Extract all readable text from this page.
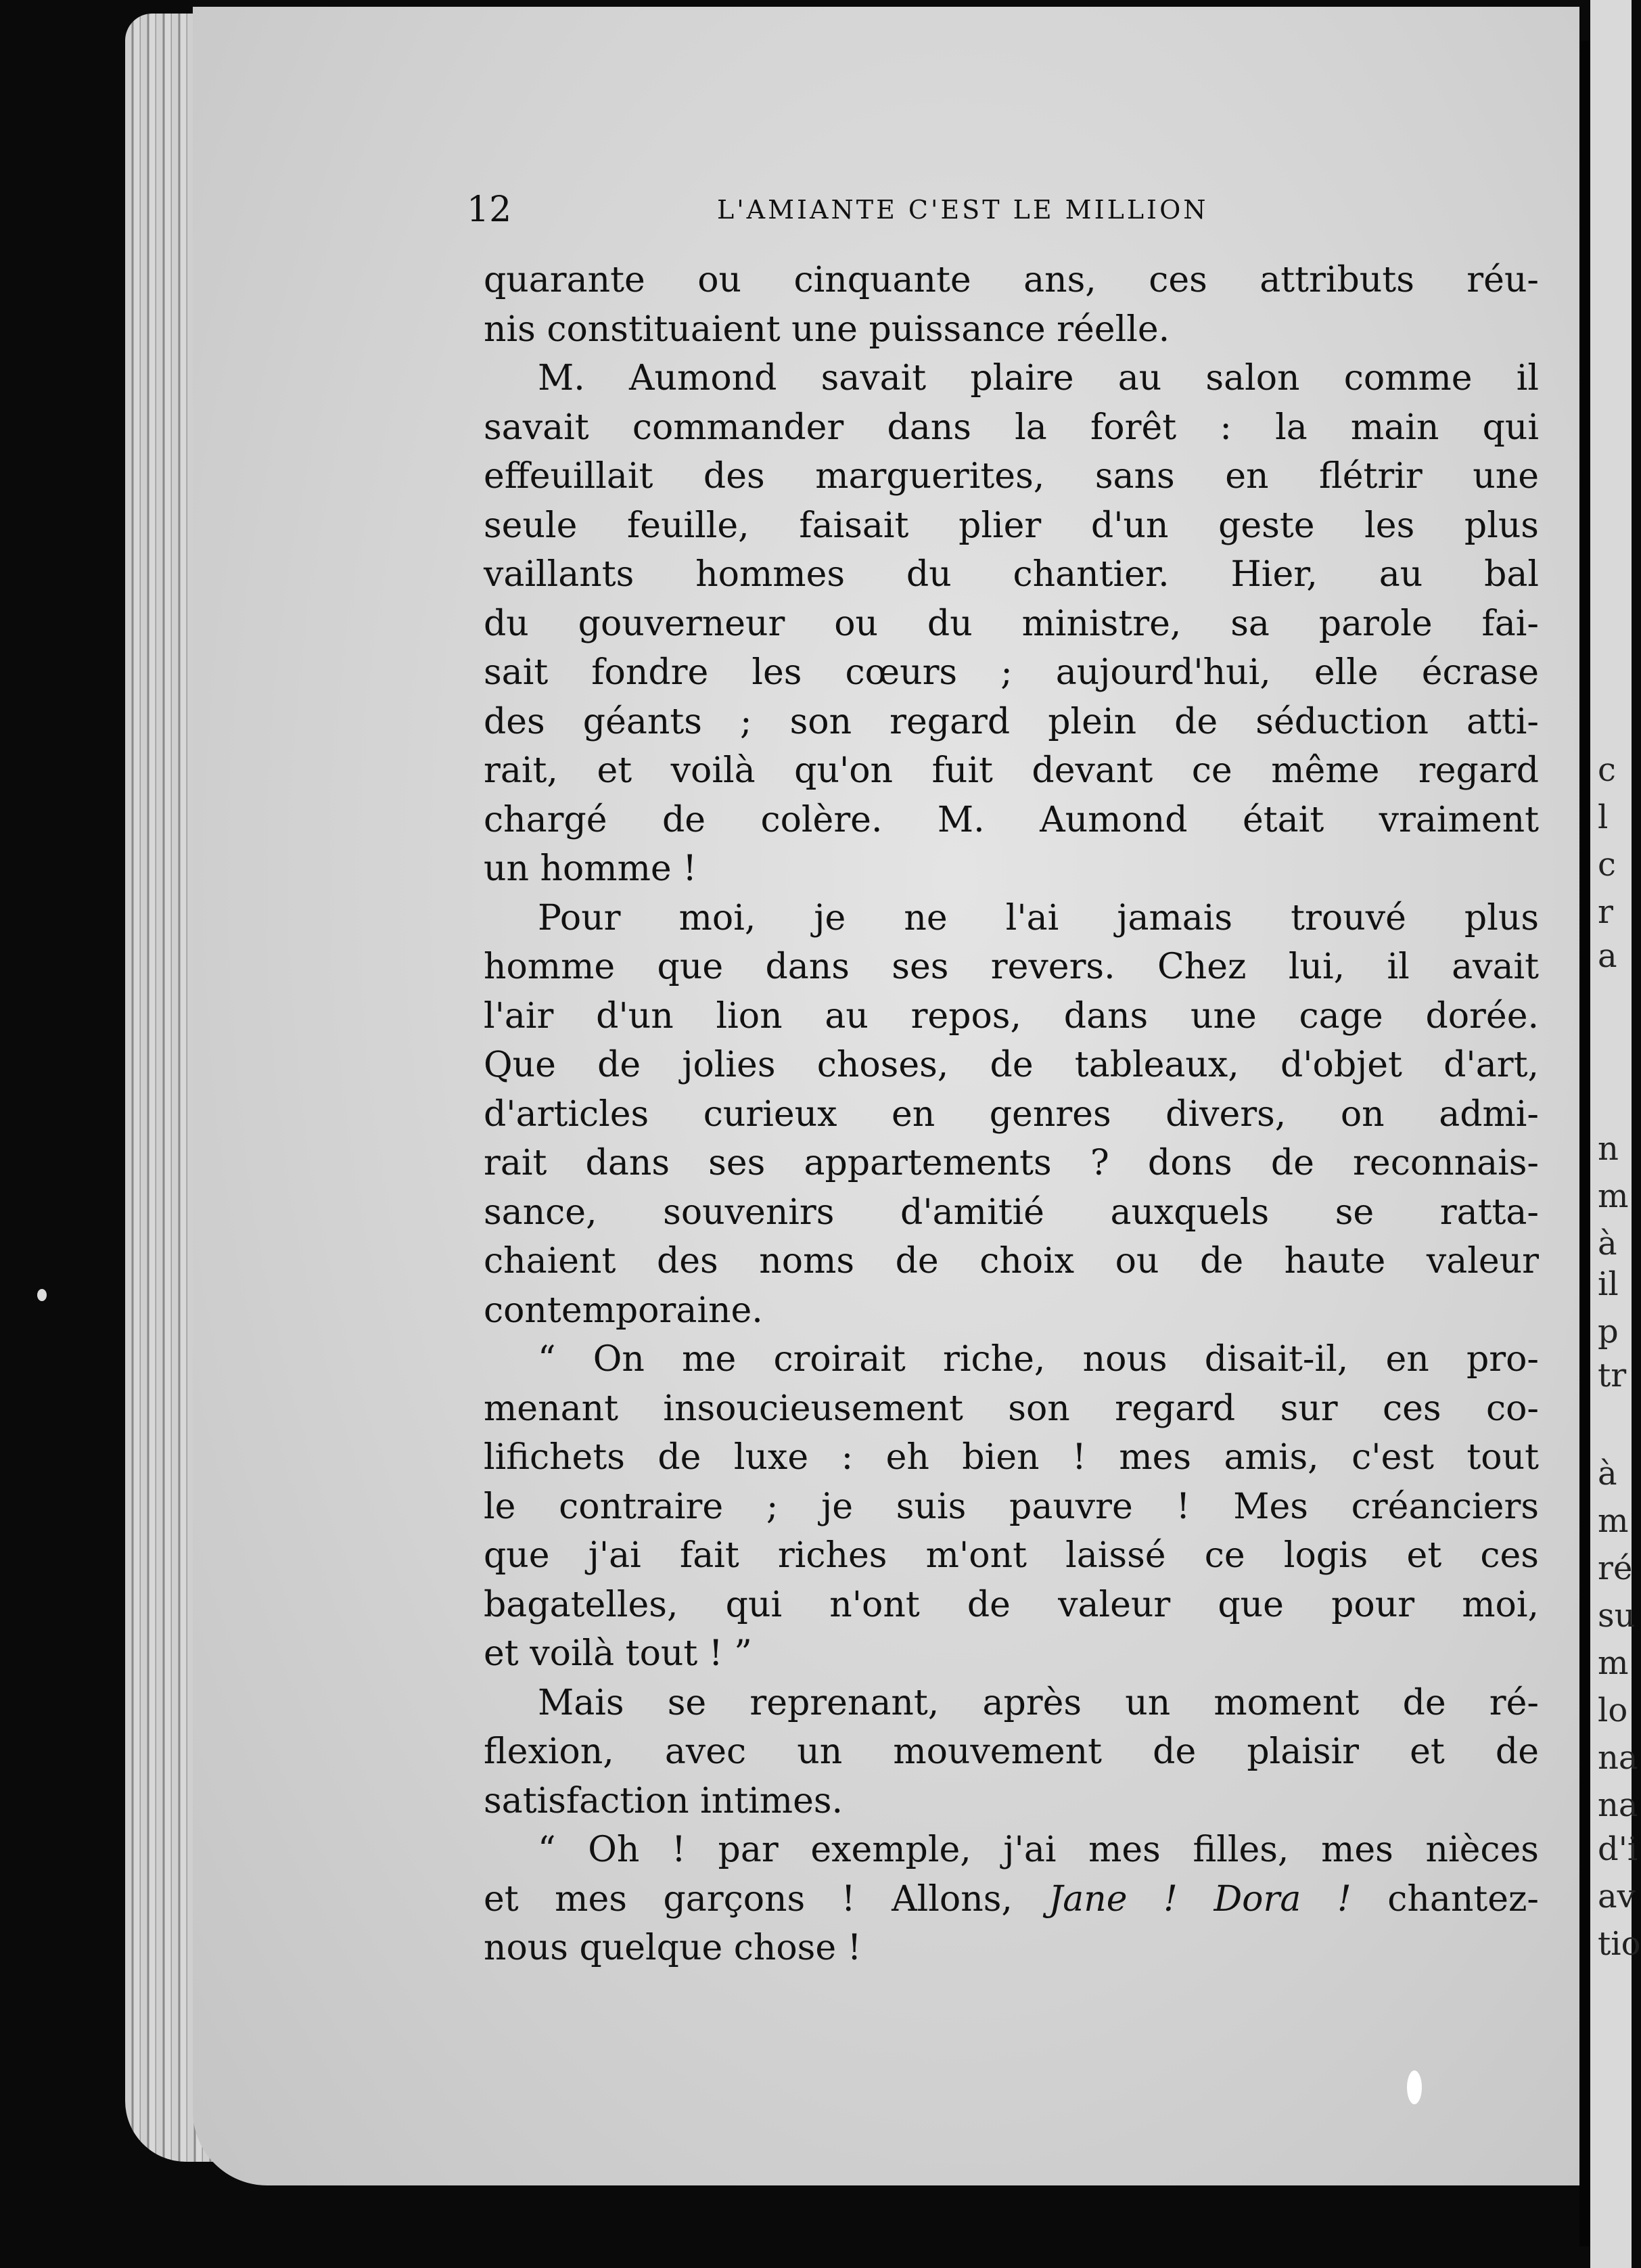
c
l
c
r
a
n
m
à
il
p
tr
à
m
ré
su
m
lo
na
na
d'i
av
tio
12	L'AMIANTE C'EST LE MILLION
quarante ou cinquante ans, ces attributs réu-
nis constituaient une puissance réelle.
M. Aumond savait plaire au salon comme il
savait commander dans la forêt : la main qui
effeuillait des marguerites, sans en flétrir une
seule feuille, faisait plier d'un geste les plus
vaillants hommes du chantier. Hier, au bal
du gouverneur ou du ministre, sa parole fai-
sait fondre les cœurs ; aujourd'hui, elle écrase
des géants ; son regard plein de séduction atti-
rait, et voilà qu'on fuit devant ce même regard
chargé de colère. M. Aumond était vraiment
un homme !
Pour moi, je ne l'ai jamais trouvé plus
homme que dans ses revers. Chez lui, il avait
l'air d'un lion au repos, dans une cage dorée.
Que de jolies choses, de tableaux, d'objet d'art,
d'articles curieux en genres divers, on admi-
rait dans ses appartements ? dons de reconnais-
sance, souvenirs d'amitié auxquels se ratta-
chaient des noms de choix ou de haute valeur
contemporaine.
“ On me croirait riche, nous disait-il, en pro-
menant insoucieusement son regard sur ces co-
lifichets de luxe : eh bien ! mes amis, c'est tout
le contraire ; je suis pauvre ! Mes créanciers
que j'ai fait riches m'ont laissé ce logis et ces
bagatelles, qui n'ont de valeur que pour moi,
et voilà tout ! ”
Mais se reprenant, après un moment de ré-
flexion, avec un mouvement de plaisir et de
satisfaction intimes.
“ Oh ! par exemple, j'ai mes filles, mes nièces
et mes garçons ! Allons, Jane ! Dora ! chantez-
nous quelque chose !
